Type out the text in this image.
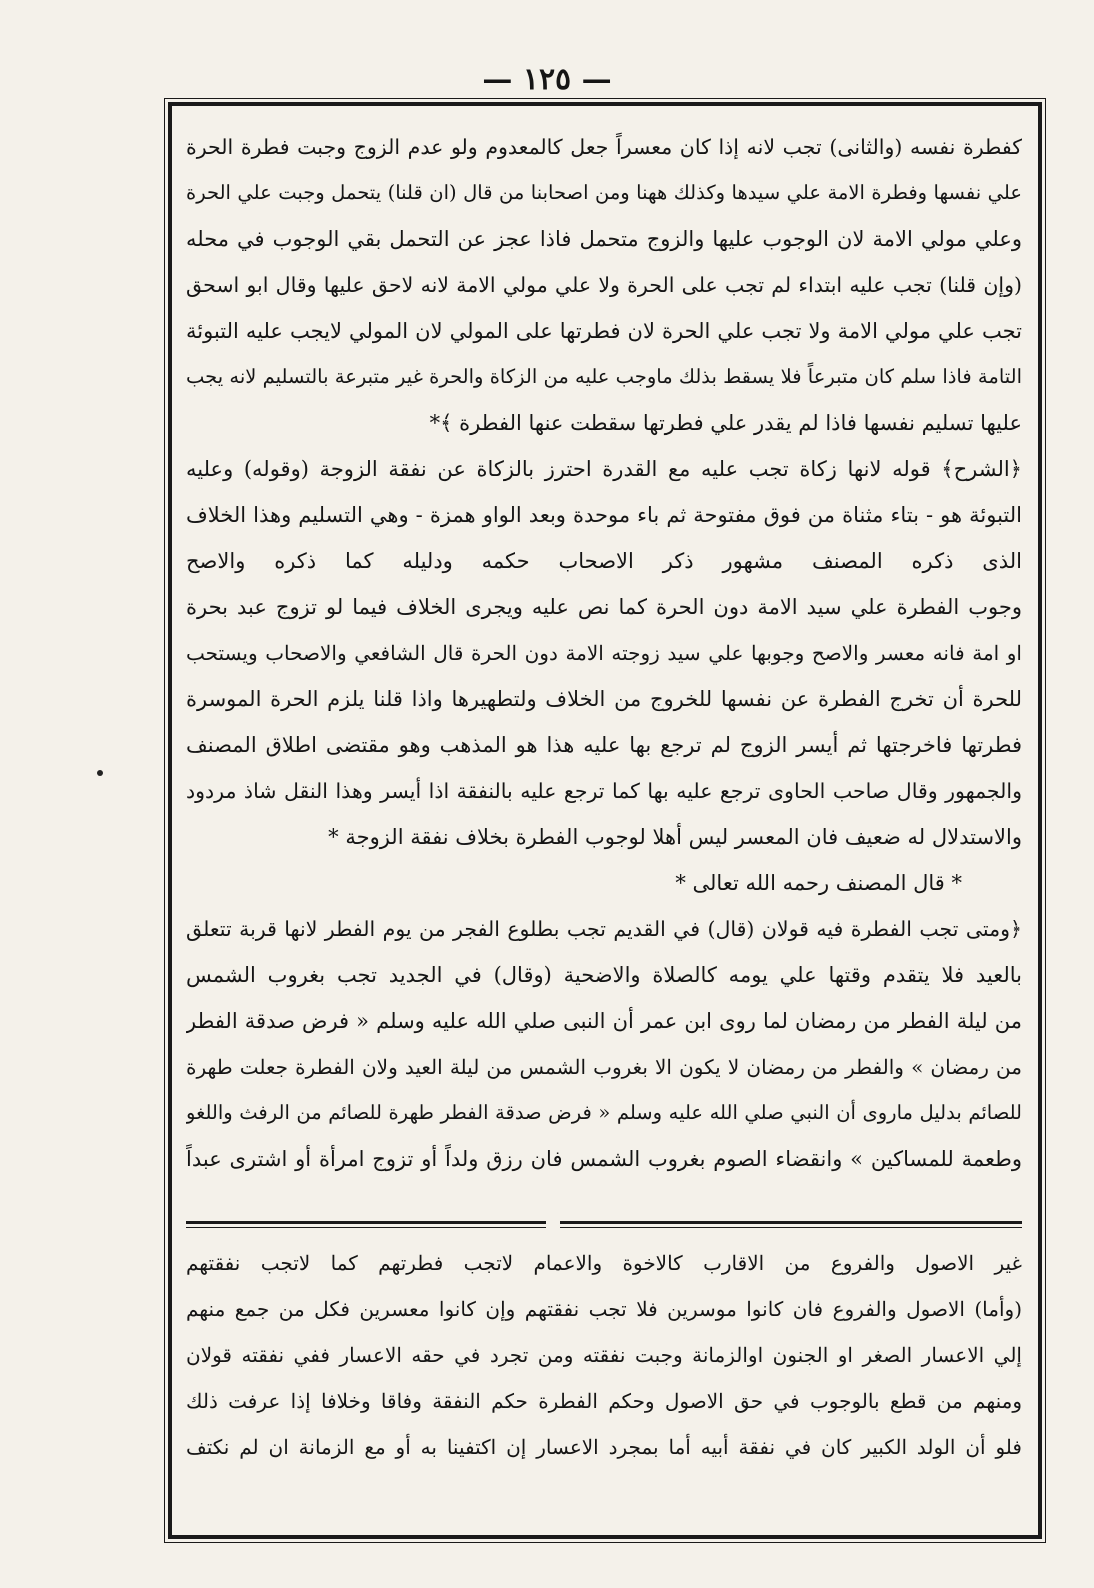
— ١٢٥ —
كفطرة نفسه (والثانى) تجب لانه إذا كان معسراً جعل كالمعدوم ولو عدم الزوج وجبت فطرة الحرة
علي نفسها وفطرة الامة علي سيدها وكذلك ههنا ومن اصحابنا من قال (ان قلنا) يتحمل وجبت علي الحرة
وعلي مولي الامة لان الوجوب عليها والزوج متحمل فاذا عجز عن التحمل بقي الوجوب في محله
(وإن قلنا) تجب عليه ابتداء لم تجب على الحرة ولا علي مولي الامة لانه لاحق عليها وقال ابو اسحق
تجب علي مولي الامة ولا تجب علي الحرة لان فطرتها على المولي لان المولي لايجب عليه التبوئة
التامة فاذا سلم كان متبرعاً فلا يسقط بذلك ماوجب عليه من الزكاة والحرة غير متبرعة بالتسليم لانه يجب
عليها تسليم نفسها فاذا لم يقدر علي فطرتها سقطت عنها الفطرة ﴾*
﴿الشرح﴾ قوله لانها زكاة تجب عليه مع القدرة احترز بالزكاة عن نفقة الزوجة (وقوله) وعليه
التبوئة هو - بتاء مثناة من فوق مفتوحة ثم باء موحدة وبعد الواو همزة - وهي التسليم وهذا الخلاف
الذى ذكره المصنف مشهور ذكر الاصحاب حكمه ودليله كما ذكره والاصح
وجوب الفطرة علي سيد الامة دون الحرة كما نص عليه ويجرى الخلاف فيما لو تزوج عبد بحرة
او امة فانه معسر والاصح وجوبها علي سيد زوجته الامة دون الحرة قال الشافعي والاصحاب ويستحب
للحرة أن تخرج الفطرة عن نفسها للخروج من الخلاف ولتطهيرها واذا قلنا يلزم الحرة الموسرة
فطرتها فاخرجتها ثم أيسر الزوج لم ترجع بها عليه هذا هو المذهب وهو مقتضى اطلاق المصنف
والجمهور وقال صاحب الحاوى ترجع عليه بها كما ترجع عليه بالنفقة اذا أيسر وهذا النقل شاذ مردود
والاستدلال له ضعيف فان المعسر ليس أهلا لوجوب الفطرة بخلاف نفقة الزوجة *
* قال المصنف رحمه الله تعالى *
﴿ومتى تجب الفطرة فيه قولان (قال) في القديم تجب بطلوع الفجر من يوم الفطر لانها قربة تتعلق
بالعيد فلا يتقدم وقتها علي يومه كالصلاة والاضحية (وقال) في الجديد تجب بغروب الشمس
من ليلة الفطر من رمضان لما روى ابن عمر أن النبى صلي الله عليه وسلم « فرض صدقة الفطر
من رمضان » والفطر من رمضان لا يكون الا بغروب الشمس من ليلة العيد ولان الفطرة جعلت طهرة
للصائم بدليل ماروى أن النبي صلي الله عليه وسلم « فرض صدقة الفطر طهرة للصائم من الرفث واللغو
وطعمة للمساكين » وانقضاء الصوم بغروب الشمس فان رزق ولداً أو تزوج امرأة أو اشترى عبداً
غير الاصول والفروع من الاقارب كالاخوة والاعمام لاتجب فطرتهم كما لاتجب نفقتهم
(وأما) الاصول والفروع فان كانوا موسرين فلا تجب نفقتهم وإن كانوا معسرين فكل من جمع منهم
إلي الاعسار الصغر او الجنون اوالزمانة وجبت نفقته ومن تجرد في حقه الاعسار ففي نفقته قولان
ومنهم من قطع بالوجوب في حق الاصول وحكم الفطرة حكم النفقة وفاقا وخلافا إذا عرفت ذلك
فلو أن الولد الكبير كان في نفقة أبيه أما بمجرد الاعسار إن اكتفينا به أو مع الزمانة ان لم نكتف
